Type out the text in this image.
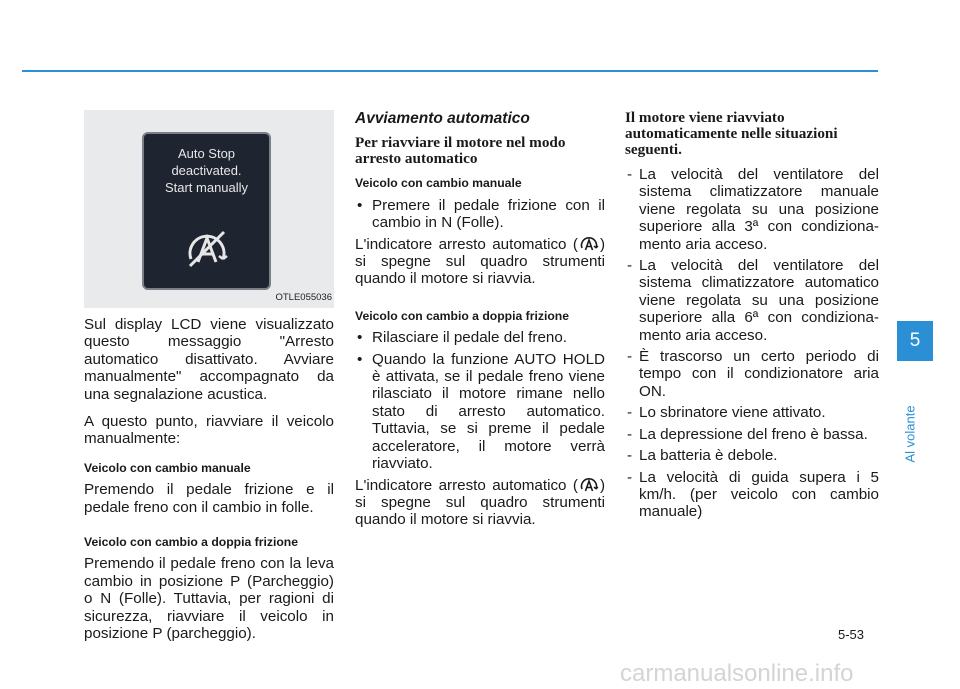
Auto Stop
deactivated.
Start manually
OTLE055036

Sul display LCD viene visualizzato questo messaggio "Arresto automatico disattivato. Avviare manualmente" accompagnato da una segnalazione acustica.

A questo punto, riavviare il veicolo manualmente:

Veicolo con cambio manuale

Premendo il pedale frizione e il pedale freno con il cambio in folle.

Veicolo con cambio a doppia frizione

Premendo il pedale freno con la leva cambio in posizione P (Parcheggio) o N (Folle). Tuttavia, per ragioni di sicurezza, riavviare il veicolo in posizione P (parcheggio).

Avviamento automatico
Per riavviare il motore nel modo arresto automatico
Veicolo con cambio manuale
• Premere il pedale frizione con il cambio in N (Folle).

L'indicatore arresto automatico ( ) si spegne sul quadro strumenti quando il motore si riavvia.

Veicolo con cambio a doppia frizione
• Rilasciare il pedale del freno.
• Quando la funzione AUTO HOLD è attivata, se il pedale freno viene rilasciato il motore rimane nello stato di arresto automatico. Tuttavia, se si preme il pedale acceleratore, il motore verrà riavviato.

L'indicatore arresto automatico ( ) si spegne sul quadro strumenti quando il motore si riavvia.

Il motore viene riavviato automaticamente nelle situazioni seguenti.
- La velocità del ventilatore del sistema climatizzatore manuale viene regolata su una posizione superiore alla 3ª con condiziona- mento aria acceso.
- La velocità del ventilatore del sistema climatizzatore automatico viene regolata su una posizione superiore alla 6ª con condiziona- mento aria acceso.
- È trascorso un certo periodo di tempo con il condizionatore aria ON.
- Lo sbrinatore viene attivato.
- La depressione del freno è bassa.
- La batteria è debole.
- La velocità di guida supera i 5 km/h. (per veicolo con cambio manuale)
5
Al volante
5-53
carmanualsonline.info
